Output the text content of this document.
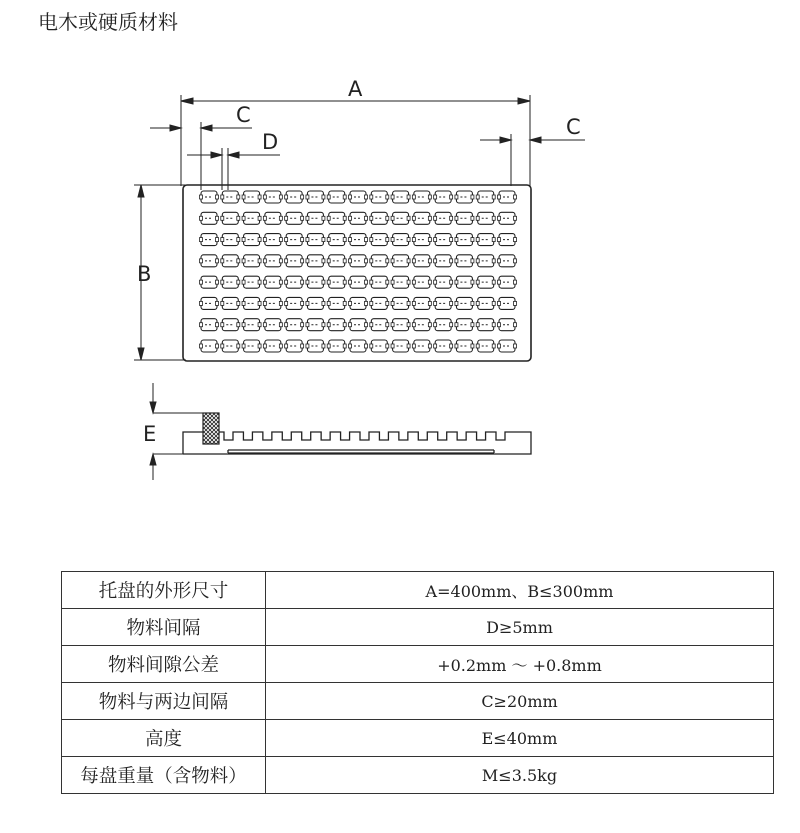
电木或硬质材料
A
C
D
C
B
E
托盘的外形尺寸	A=400mm、B≤300mm
物料间隔	D≥5mm
物料间隙公差	+0.2mm ～ +0.8mm
物料与两边间隔	C≥20mm
高度	E≤40mm
每盘重量（含物料）	M≤3.5kg
